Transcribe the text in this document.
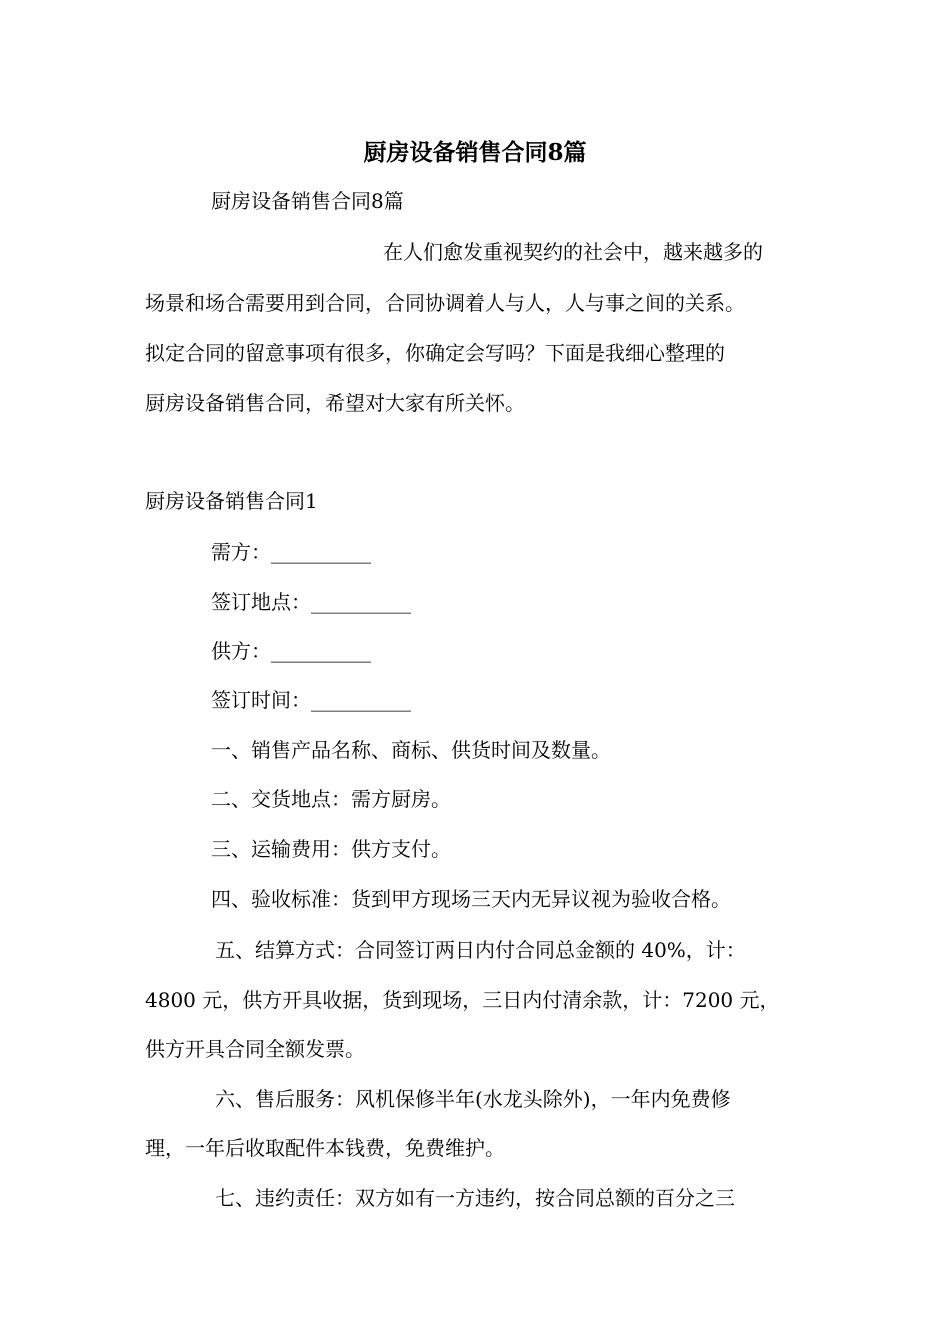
厨房设备销售合同8篇
厨房设备销售合同8篇
在人们愈发重视契约的社会中，越来越多的
场景和场合需要用到合同，合同协调着人与人，人与事之间的关系。
拟定合同的留意事项有很多，你确定会写吗？下面是我细心整理的
厨房设备销售合同，希望对大家有所关怀。
厨房设备销售合同1
需方：__________
签订地点：__________
供方：__________
签订时间：__________
一、销售产品名称、商标、供货时间及数量。
二、交货地点：需方厨房。
三、运输费用：供方支付。
四、验收标准：货到甲方现场三天内无异议视为验收合格。
五、结算方式：合同签订两日内付合同总金额的 40%，计：
4800 元，供方开具收据，货到现场，三日内付清余款，计：7200 元，
供方开具合同全额发票。
六、售后服务：风机保修半年(水龙头除外)，一年内免费修
理，一年后收取配件本钱费，免费维护。
七、违约责任：双方如有一方违约，按合同总额的百分之三
